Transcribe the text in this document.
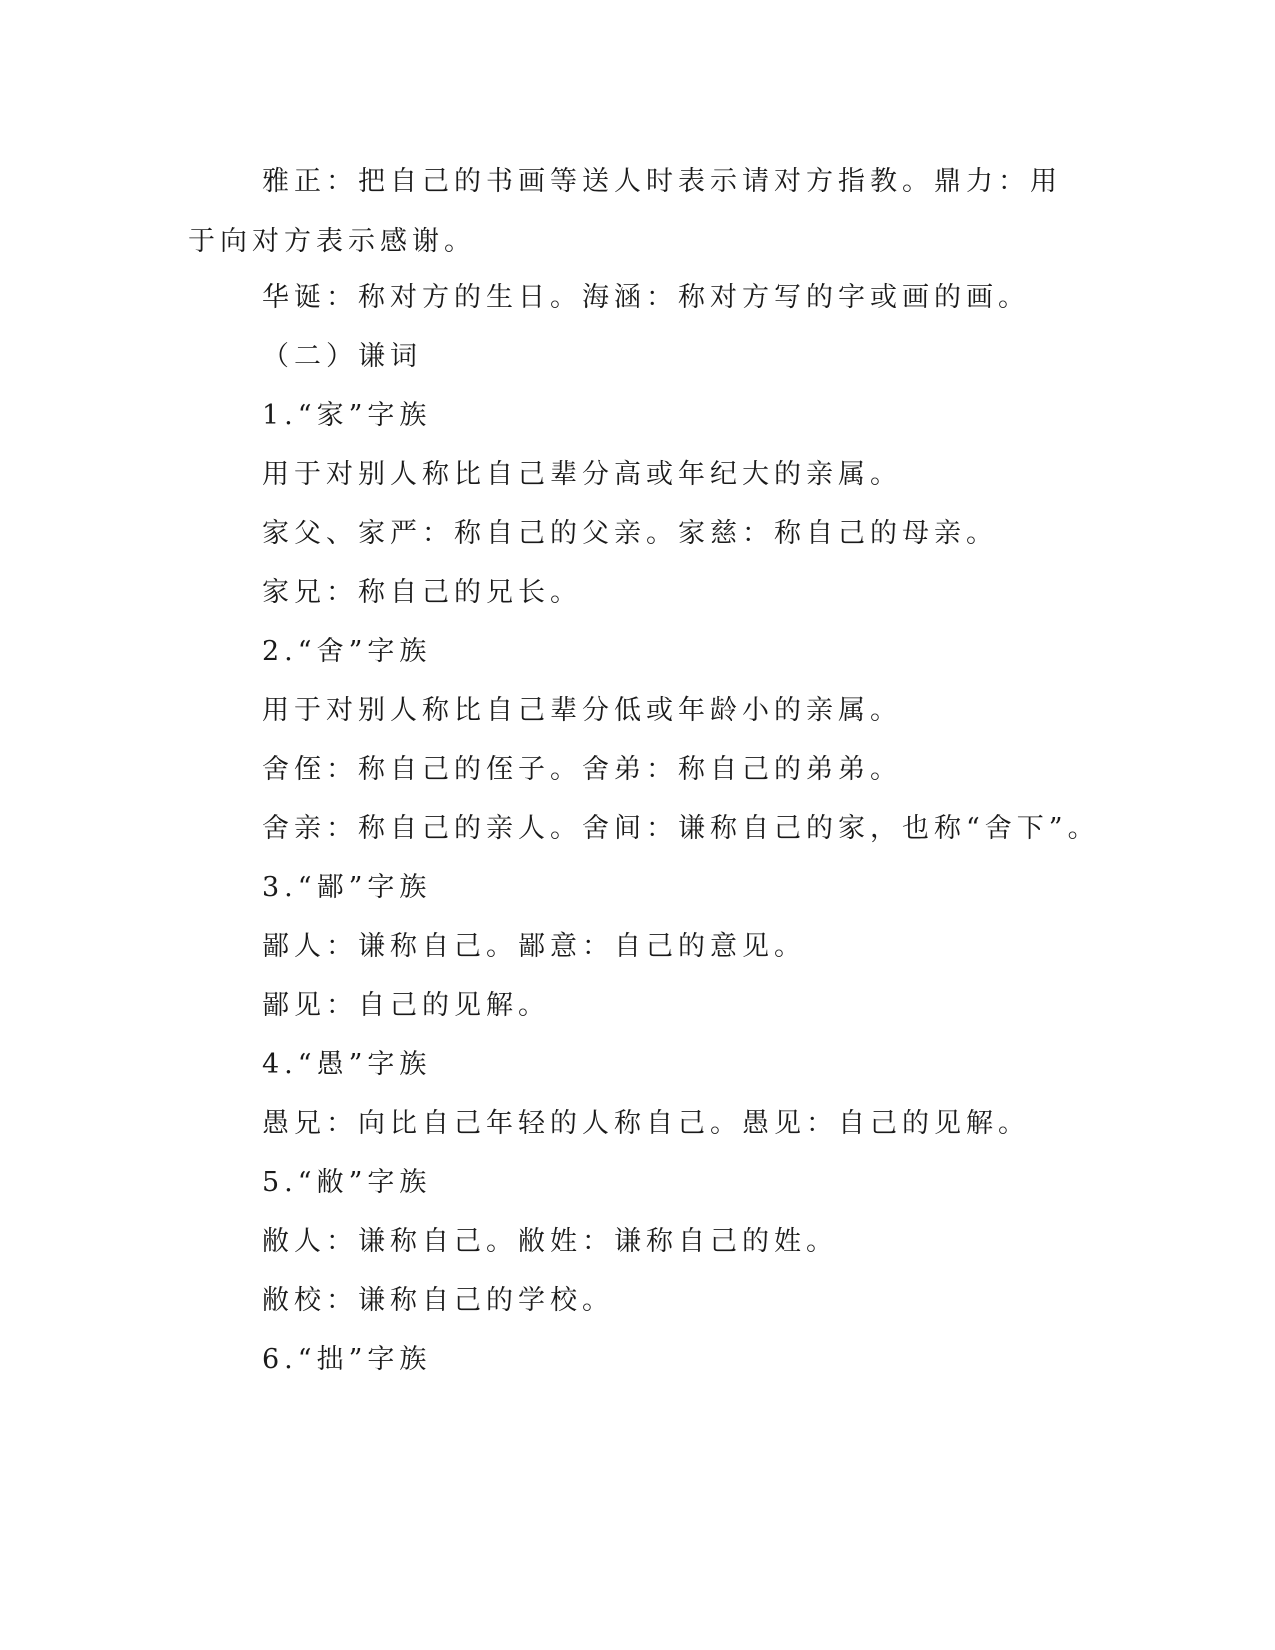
雅正：把自己的书画等送人时表示请对方指教。鼎力：用于向对方表示感谢。

华诞：称对方的生日。海涵：称对方写的字或画的画。

（二）谦词

1.“家”字族

用于对别人称比自己辈分高或年纪大的亲属。

家父、家严：称自己的父亲。家慈：称自己的母亲。

家兄：称自己的兄长。

2.“舍”字族

用于对别人称比自己辈分低或年龄小的亲属。

舍侄：称自己的侄子。舍弟：称自己的弟弟。

舍亲：称自己的亲人。舍间：谦称自己的家，也称“舍下”。

3.“鄙”字族

鄙人：谦称自己。鄙意：自己的意见。

鄙见：自己的见解。

4.“愚”字族

愚兄：向比自己年轻的人称自己。愚见：自己的见解。

5.“敝”字族

敝人：谦称自己。敝姓：谦称自己的姓。

敝校：谦称自己的学校。

6.“拙”字族
